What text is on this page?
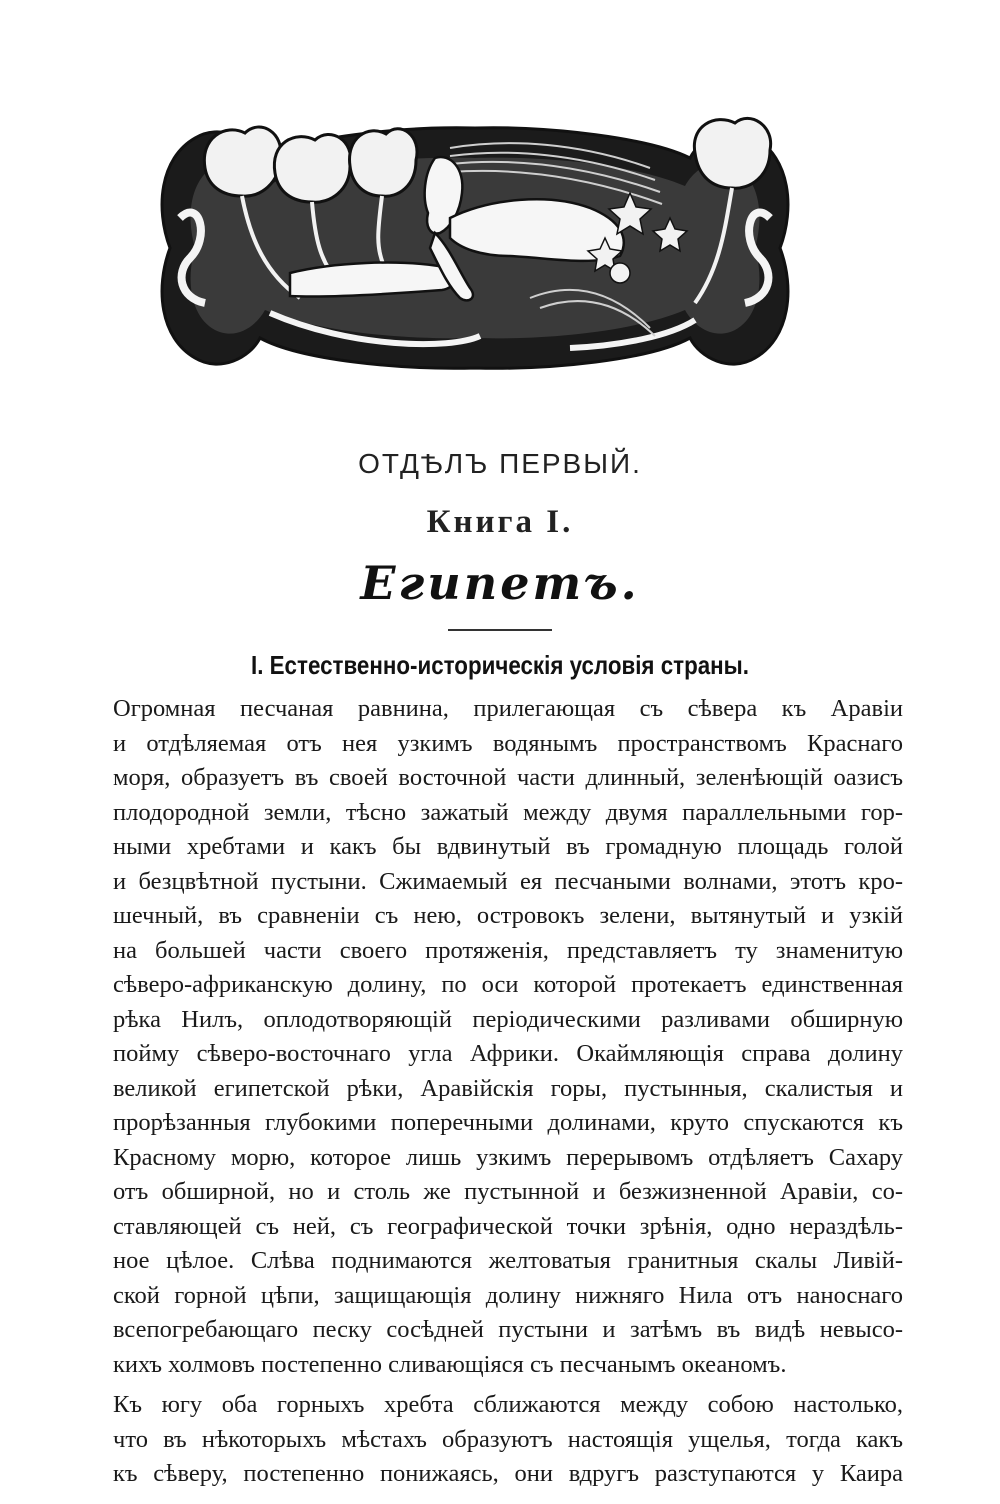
ОТДѢЛЪ ПЕРВЫЙ.
Книга I.
Египетъ.
I. Естественно-историческія условія страны.

Огромная песчаная равнина, прилегающая съ сѣвера къ Аравіи
и отдѣляемая отъ нея узкимъ водянымъ пространствомъ Краснаго
моря, образуетъ въ своей восточной части длинный, зеленѣющій оазисъ
плодородной земли, тѣсно зажатый между двумя параллельными гор-
ными хребтами и какъ бы вдвинутый въ громадную площадь голой
и безцвѣтной пустыни. Сжимаемый ея песчаными волнами, этотъ кро-
шечный, въ сравненіи съ нею, островокъ зелени, вытянутый и узкій
на большей части своего протяженія, представляетъ ту знаменитую
сѣверо-африканскую долину, по оси которой протекаетъ единственная
рѣка Нилъ, оплодотворяющій періодическими разливами обширную
пойму сѣверо-восточнаго угла Африки. Окаймляющія справа долину
великой египетской рѣки, Аравійскія горы, пустынныя, скалистыя и
прорѣзанныя глубокими поперечными долинами, круто спускаются къ
Красному морю, которое лишь узкимъ перерывомъ отдѣляетъ Сахару
отъ обширной, но и столь же пустынной и безжизненной Аравіи, со-
ставляющей съ ней, съ географической точки зрѣнія, одно нераздѣль-
ное цѣлое. Слѣва поднимаются желтоватыя гранитныя скалы Ливій-
ской горной цѣпи, защищающія долину нижняго Нила отъ наноснаго
всепогребающаго песку сосѣдней пустыни и затѣмъ въ видѣ невысо-
кихъ холмовъ постепенно сливающіяся съ песчанымъ океаномъ.

Къ югу оба горныхъ хребта сближаются между собою настолько,
что въ нѣкоторыхъ мѣстахъ образуютъ настоящія ущелья, тогда какъ
къ сѣверу, постепенно понижаясь, они вдругъ разступаются у Каира
